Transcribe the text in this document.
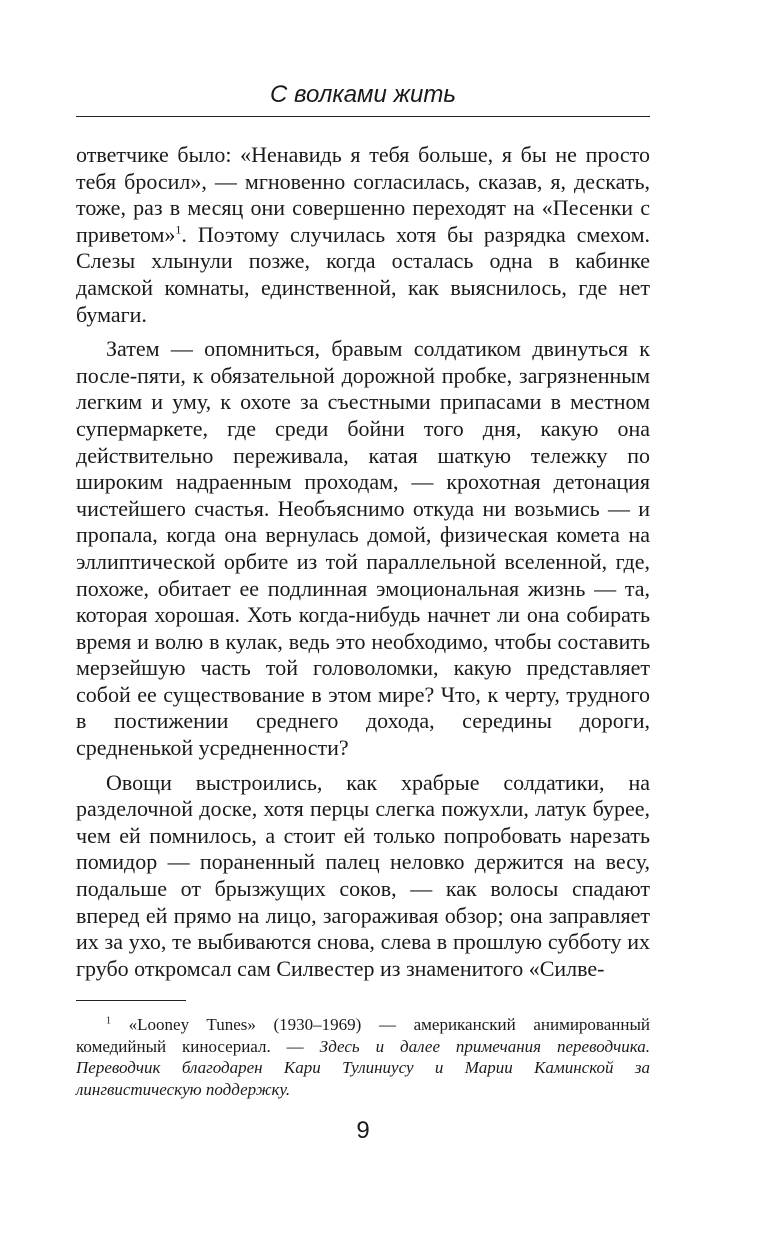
С волками жить

ответчике было: «Ненавидь я тебя больше, я бы не просто тебя бросил», — мгновенно согласилась, сказав, я, дескать, тоже, раз в месяц они совершенно переходят на «Песенки с приветом»$^1$. Поэтому случилась хотя бы разрядка смехом. Слезы хлынули позже, когда осталась одна в кабинке дамской комнаты, единственной, как выяснилось, где нет бумаги.

Затем — опомниться, бравым солдатиком двинуться к после-пяти, к обязательной дорожной пробке, загрязненным легким и уму, к охоте за съестными припасами в местном супермаркете, где среди бойни того дня, какую она действительно переживала, катая шаткую тележку по широким надраенным проходам, — крохотная детонация чистейшего счастья. Необъяснимо откуда ни возьмись — и пропала, когда она вернулась домой, физическая комета на эллиптической орбите из той параллельной вселенной, где, похоже, обитает ее подлинная эмоциональная жизнь — та, которая хорошая. Хоть когда-нибудь начнет ли она собирать время и волю в кулак, ведь это необходимо, чтобы составить мерзейшую часть той головоломки, какую представляет собой ее существование в этом мире? Что, к черту, трудного в постижении среднего дохода, середины дороги, средненькой усредненности?

Овощи выстроились, как храбрые солдатики, на разделочной доске, хотя перцы слегка пожухли, латук бурее, чем ей помнилось, а стоит ей только попробовать нарезать помидор — пораненный палец неловко держится на весу, подальше от брызжущих соков, — как волосы спадают вперед ей прямо на лицо, загораживая обзор; она заправляет их за ухо, те выбиваются снова, слева в прошлую субботу их грубо откромсал сам Силвестер из знаменитого «Силве-

$^1$ «Looney Tunes» (1930–1969) — американский анимированный комедийный киносериал. — Здесь и далее примечания переводчика. Переводчик благодарен Кари Тулиниусу и Марии Каминской за лингвистическую поддержку.
9
